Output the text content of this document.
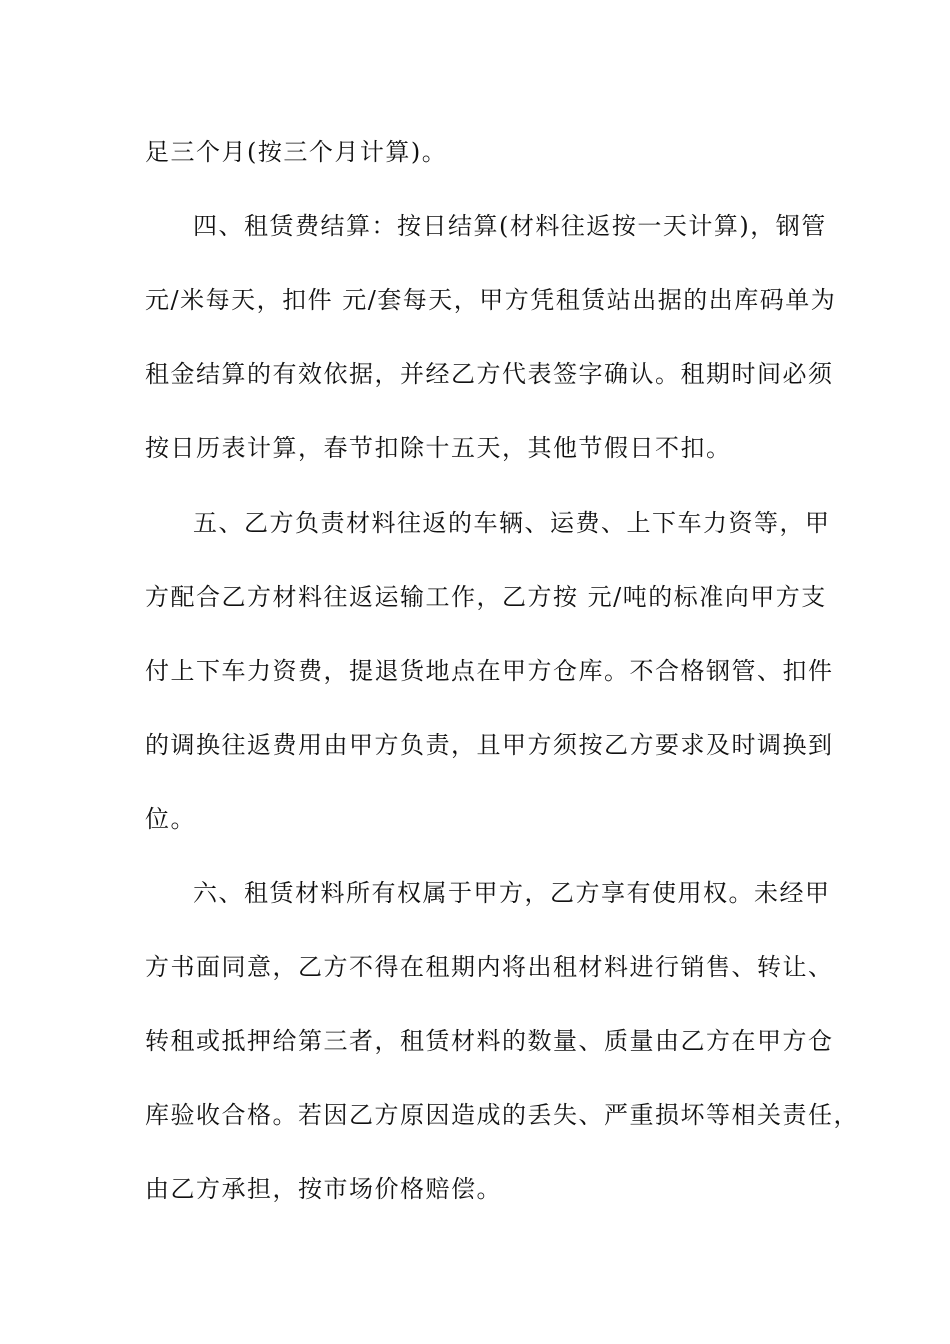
足三个月(按三个月计算)。
四、租赁费结算：按日结算(材料往返按一天计算)，钢管
元/米每天，扣件 元/套每天，甲方凭租赁站出据的出库码单为
租金结算的有效依据，并经乙方代表签字确认。租期时间必须
按日历表计算，春节扣除十五天，其他节假日不扣。
五、乙方负责材料往返的车辆、运费、上下车力资等，甲
方配合乙方材料往返运输工作，乙方按 元/吨的标准向甲方支
付上下车力资费，提退货地点在甲方仓库。不合格钢管、扣件
的调换往返费用由甲方负责，且甲方须按乙方要求及时调换到
位。
六、租赁材料所有权属于甲方，乙方享有使用权。未经甲
方书面同意，乙方不得在租期内将出租材料进行销售、转让、
转租或抵押给第三者，租赁材料的数量、质量由乙方在甲方仓
库验收合格。若因乙方原因造成的丢失、严重损坏等相关责任，
由乙方承担，按市场价格赔偿。
